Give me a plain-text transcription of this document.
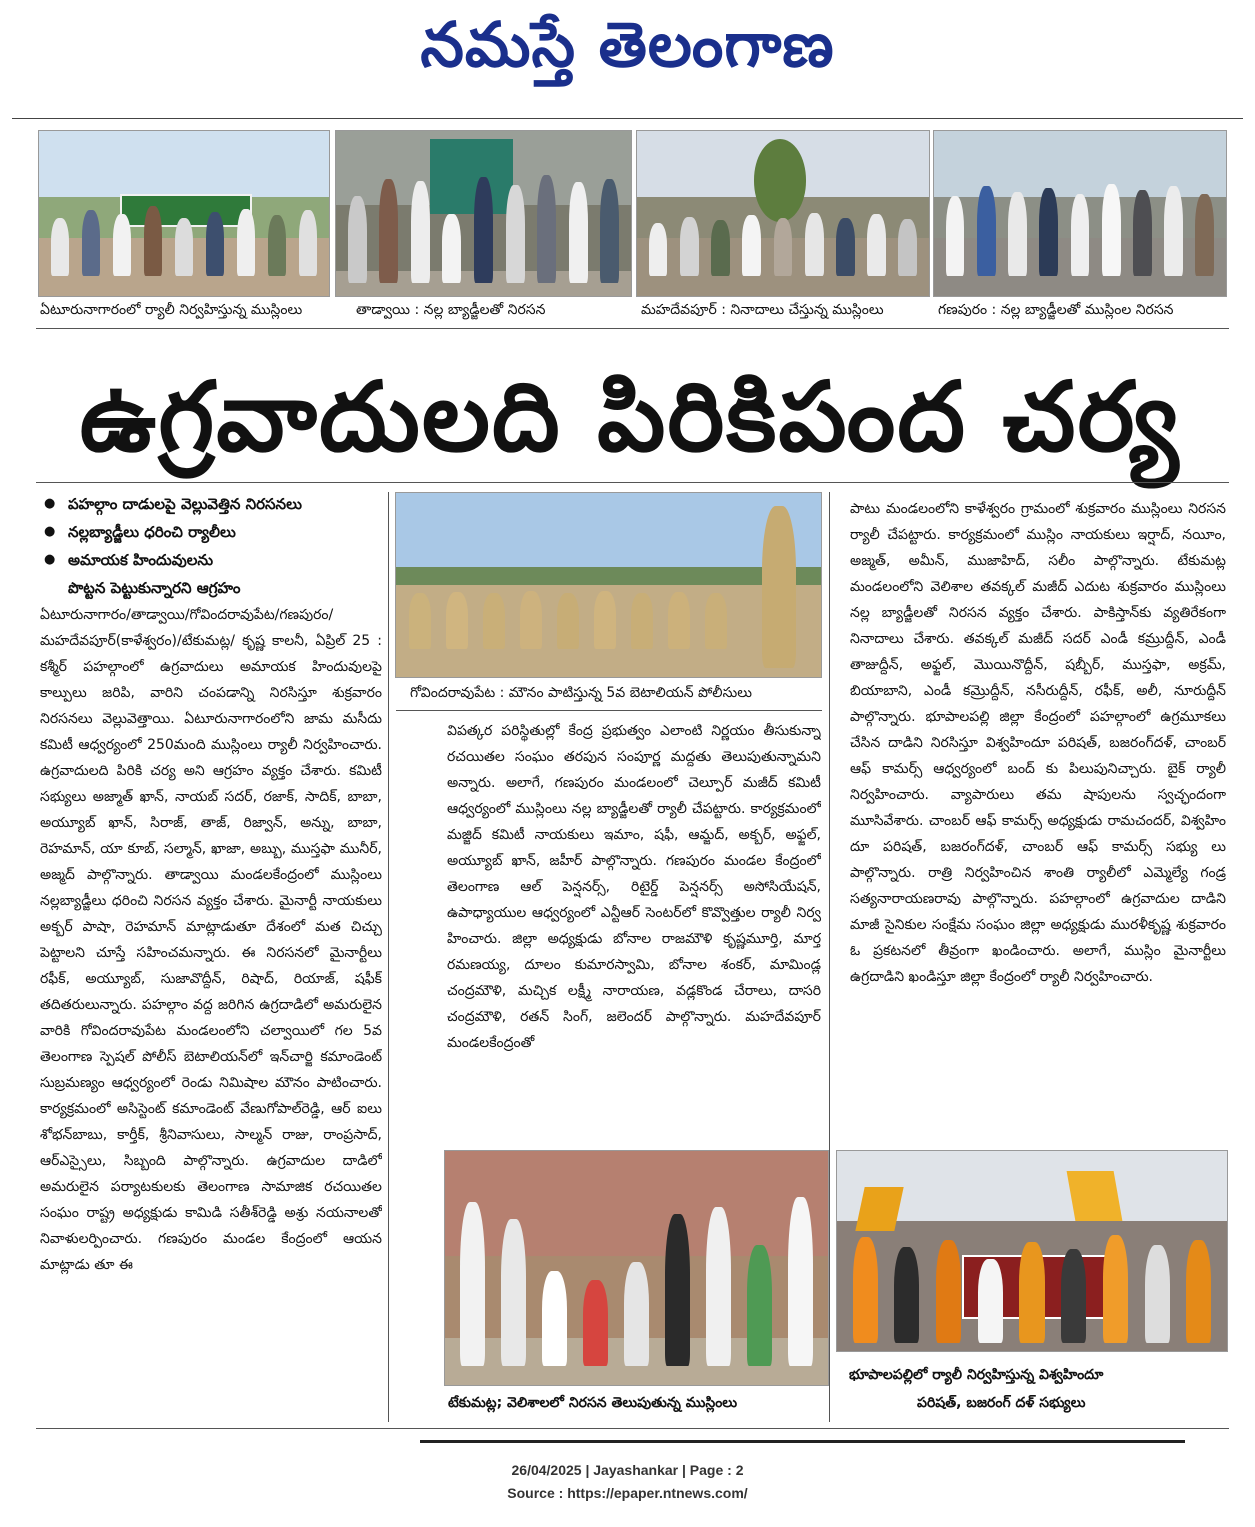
నమస్తే తెలంగాణ
ఏటూరునాగారంలో ర్యాలీ నిర్వహిస్తున్న ముస్లింలు	తాడ్వాయి : నల్ల బ్యాడ్జీలతో నిరసన	మహదేవపూర్ : నినాదాలు చేస్తున్న ముస్లింలు	గణపురం : నల్ల బ్యాడ్జీలతో ముస్లింల నిరసన
ఉగ్రవాదులది పిరికిపంద చర్య
● పహల్గాం దాడులపై వెల్లువెత్తిన నిరసనలు
● నల్లబ్యాడ్జీలు ధరించి ర్యాలీలు
● అమాయక హిందువులను
పొట్టన పెట్టుకున్నారని ఆగ్రహం
గోవిందరావుపేట : మౌనం పాటిస్తున్న 5వ బెటాలియన్ పోలీసులు

ఏటూరునాగారం/తాడ్వాయి/గోవిందరావుపేట/గణపురం/మహదేవపూర్(కాళేశ్వరం)/టేకుమట్ల/ కృష్ణ కాలనీ, ఏప్రిల్ 25 : కశ్మీర్ పహల్గాంలో ఉగ్రవాదులు అమాయక హిందువులపై కాల్పులు జరిపి, వారిని చంపడాన్ని నిరసిస్తూ శుక్రవారం నిరసనలు వెల్లువెత్తాయి. ఏటూరునాగారంలోని జామ మసీదు కమిటీ ఆధ్వర్యంలో 250మంది ముస్లింలు ర్యాలీ నిర్వహించారు. ఉగ్రవాదులది పిరికి చర్య అని ఆగ్రహం వ్యక్తం చేశారు. కమిటీ సభ్యులు అజ్మాత్ ఖాన్, నాయబ్ సదర్, రజాక్, సాదిక్, బాబా, అయ్యూబ్ ఖాన్, సిరాజ్, తాజ్, రిజ్వాన్, అన్ను, బాబా, రెహమాన్, యా కూబ్, సల్మాన్, ఖాజా, అబ్బు, ముస్తఫా మునీర్, అజ్మద్ పాల్గొన్నారు. తాడ్వాయి మండలకేంద్రంలో ముస్లింలు నల్లబ్యాడ్జీలు ధరించి నిరసన వ్యక్తం చేశారు. మైనార్టీ నాయకులు అక్బర్ పాషా, రెహమాన్ మాట్లాడుతూ దేశంలో మత చిచ్చు పెట్టాలని చూస్తే సహించమన్నారు. ఈ నిరసనలో మైనార్టీలు రఫీక్, అయ్యూబ్, సుజావొద్దీన్, రిషాద్, రియాజ్, షఫీక్ తదితరులున్నారు. పహల్గాం వద్ద జరిగిన ఉగ్రదాడిలో అమరులైన వారికి గోవిందరావుపేట మండలంలోని చల్వాయిలో గల 5వ తెలంగాణ స్పెషల్ పోలీస్ బెటాలియన్‌లో ఇన్‌చార్జి కమాండెంట్ సుబ్రమణ్యం ఆధ్వర్యంలో రెండు నిమిషాల మౌనం పాటించారు. కార్యక్రమంలో అసిస్టెంట్ కమాండెంట్ వేణుగోపాల్‌రెడ్డి, ఆర్ ఐలు శోభన్‌బాబు, కార్తీక్, శ్రీనివాసులు, సాల్మన్ రాజు, రాంప్రసాద్, ఆర్ఎస్సైలు, సిబ్బంది పాల్గొన్నారు. ఉగ్రవాదుల దాడిలో అమరులైన పర్యాటకులకు తెలంగాణ సామాజిక రచయితల సంఘం రాష్ట్ర అధ్యక్షుడు కామిడి సతీశ్‌రెడ్డి అశ్రు నయనాలతో నివాళులర్పించారు. గణపురం మండల కేంద్రంలో ఆయన మాట్లాడు తూ ఈ

విపత్కర పరిస్థితుల్లో కేంద్ర ప్రభుత్వం ఎలాంటి నిర్ణయం తీసుకున్నా రచయితల సంఘం తరపున సంపూర్ణ మద్దతు తెలుపుతున్నామని అన్నారు. అలాగే, గణపురం మండలంలో చెల్పూర్ మజీద్ కమిటీ ఆధ్వర్యంలో ముస్లింలు నల్ల బ్యాడ్జీలతో ర్యాలీ చేపట్టారు. కార్యక్రమంలో మజ్జిద్ కమిటీ నాయకులు ఇమాం, షఫీ, ఆమ్జద్, అక్బర్, అఫ్జల్, అయ్యూబ్ ఖాన్, జహీర్ పాల్గొన్నారు. గణపురం మండల కేంద్రంలో తెలంగాణ ఆల్ పెన్షనర్స్, రిటైర్డ్ పెన్షనర్స్ అసోసియేషన్, ఉపాధ్యాయుల ఆధ్వర్యంలో ఎన్టీఆర్ సెంటర్‌లో కొవ్వొత్తుల ర్యాలీ నిర్వ హించారు. జిల్లా అధ్యక్షుడు బోనాల రాజమౌళి కృష్ణమూర్తి, మార్త రమణయ్య, దూలం కుమారస్వామి, బోనాల శంకర్, మామిండ్ల చంద్రమౌళి, మచ్చిక లక్ష్మీ నారాయణ, వడ్లకొండ చేరాలు, దాసరి చంద్రమౌళి, రతన్ సింగ్, జలెందర్ పాల్గొన్నారు. మహదేవపూర్ మండలకేంద్రంతో

పాటు మండలంలోని కాళేశ్వరం గ్రామంలో శుక్రవారం ముస్లింలు నిరసన ర్యాలీ చేపట్టారు. కార్యక్రమంలో ముస్లిం నాయకులు ఇర్షాద్, నయీం, అజ్మత్, అమీన్, ముజాహిద్, సలీం పాల్గొన్నారు. టేకుమట్ల మండలంలోని వెలిశాల తవక్కల్ మజీద్ ఎదుట శుక్రవారం ముస్లింలు నల్ల బ్యాడ్జీలతో నిరసన వ్యక్తం చేశారు. పాకిస్తాన్‌కు వ్యతిరేకంగా నినాదాలు చేశారు. తవక్కల్ మజీద్ సదర్ ఎండీ కమ్రుద్దీన్, ఎండీ తాజుద్దీన్, అఫ్జల్, మొయినొద్దీన్, షబ్బీర్, ముస్తఫా, అక్రమ్, బియాబాని, ఎండీ కమ్రొద్దీన్, నసీరుద్దీన్, రఫీక్, అలీ, నూరుద్దీన్ పాల్గొన్నారు. భూపాలపల్లి జిల్లా కేంద్రంలో పహల్గాంలో ఉగ్రమూకలు చేసిన దాడిని నిరసిస్తూ విశ్వహిందూ పరిషత్, బజరంగ్‌దళ్, చాంబర్ ఆఫ్ కామర్స్ ఆధ్వర్యంలో బంద్ కు పిలుపునిచ్చారు. బైక్ ర్యాలీ నిర్వహించారు. వ్యాపారులు తమ షాపులను స్వచ్ఛందంగా మూసివేశారు. చాంబర్ ఆఫ్ కామర్స్ అధ్యక్షుడు రామచందర్, విశ్వహిం దూ పరిషత్, బజరంగ్‌దళ్, చాంబర్ ఆఫ్ కామర్స్ సభ్యు లు పాల్గొన్నారు. రాత్రి నిర్వహించిన శాంతి ర్యాలీలో ఎమ్మెల్యే గండ్ర సత్యనారాయణరావు పాల్గొన్నారు. పహల్గాంలో ఉగ్రవాదుల దాడిని మాజీ సైనికుల సంక్షేమ సంఘం జిల్లా అధ్యక్షుడు మురళీకృష్ణ శుక్రవారం ఓ ప్రకటనలో తీవ్రంగా ఖండించారు. అలాగే, ముస్లిం మైనార్టీలు ఉగ్రదాడిని ఖండిస్తూ జిల్లా కేంద్రంలో ర్యాలీ నిర్వహించారు.

టేకుమట్ల; వెలిశాలలో నిరసన తెలుపుతున్న ముస్లింలు
భూపాలపల్లిలో ర్యాలీ నిర్వహిస్తున్న విశ్వహిందూ
పరిషత్, బజరంగ్ దళ్ సభ్యులు
26/04/2025 | Jayashankar | Page : 2
Source : https://epaper.ntnews.com/
